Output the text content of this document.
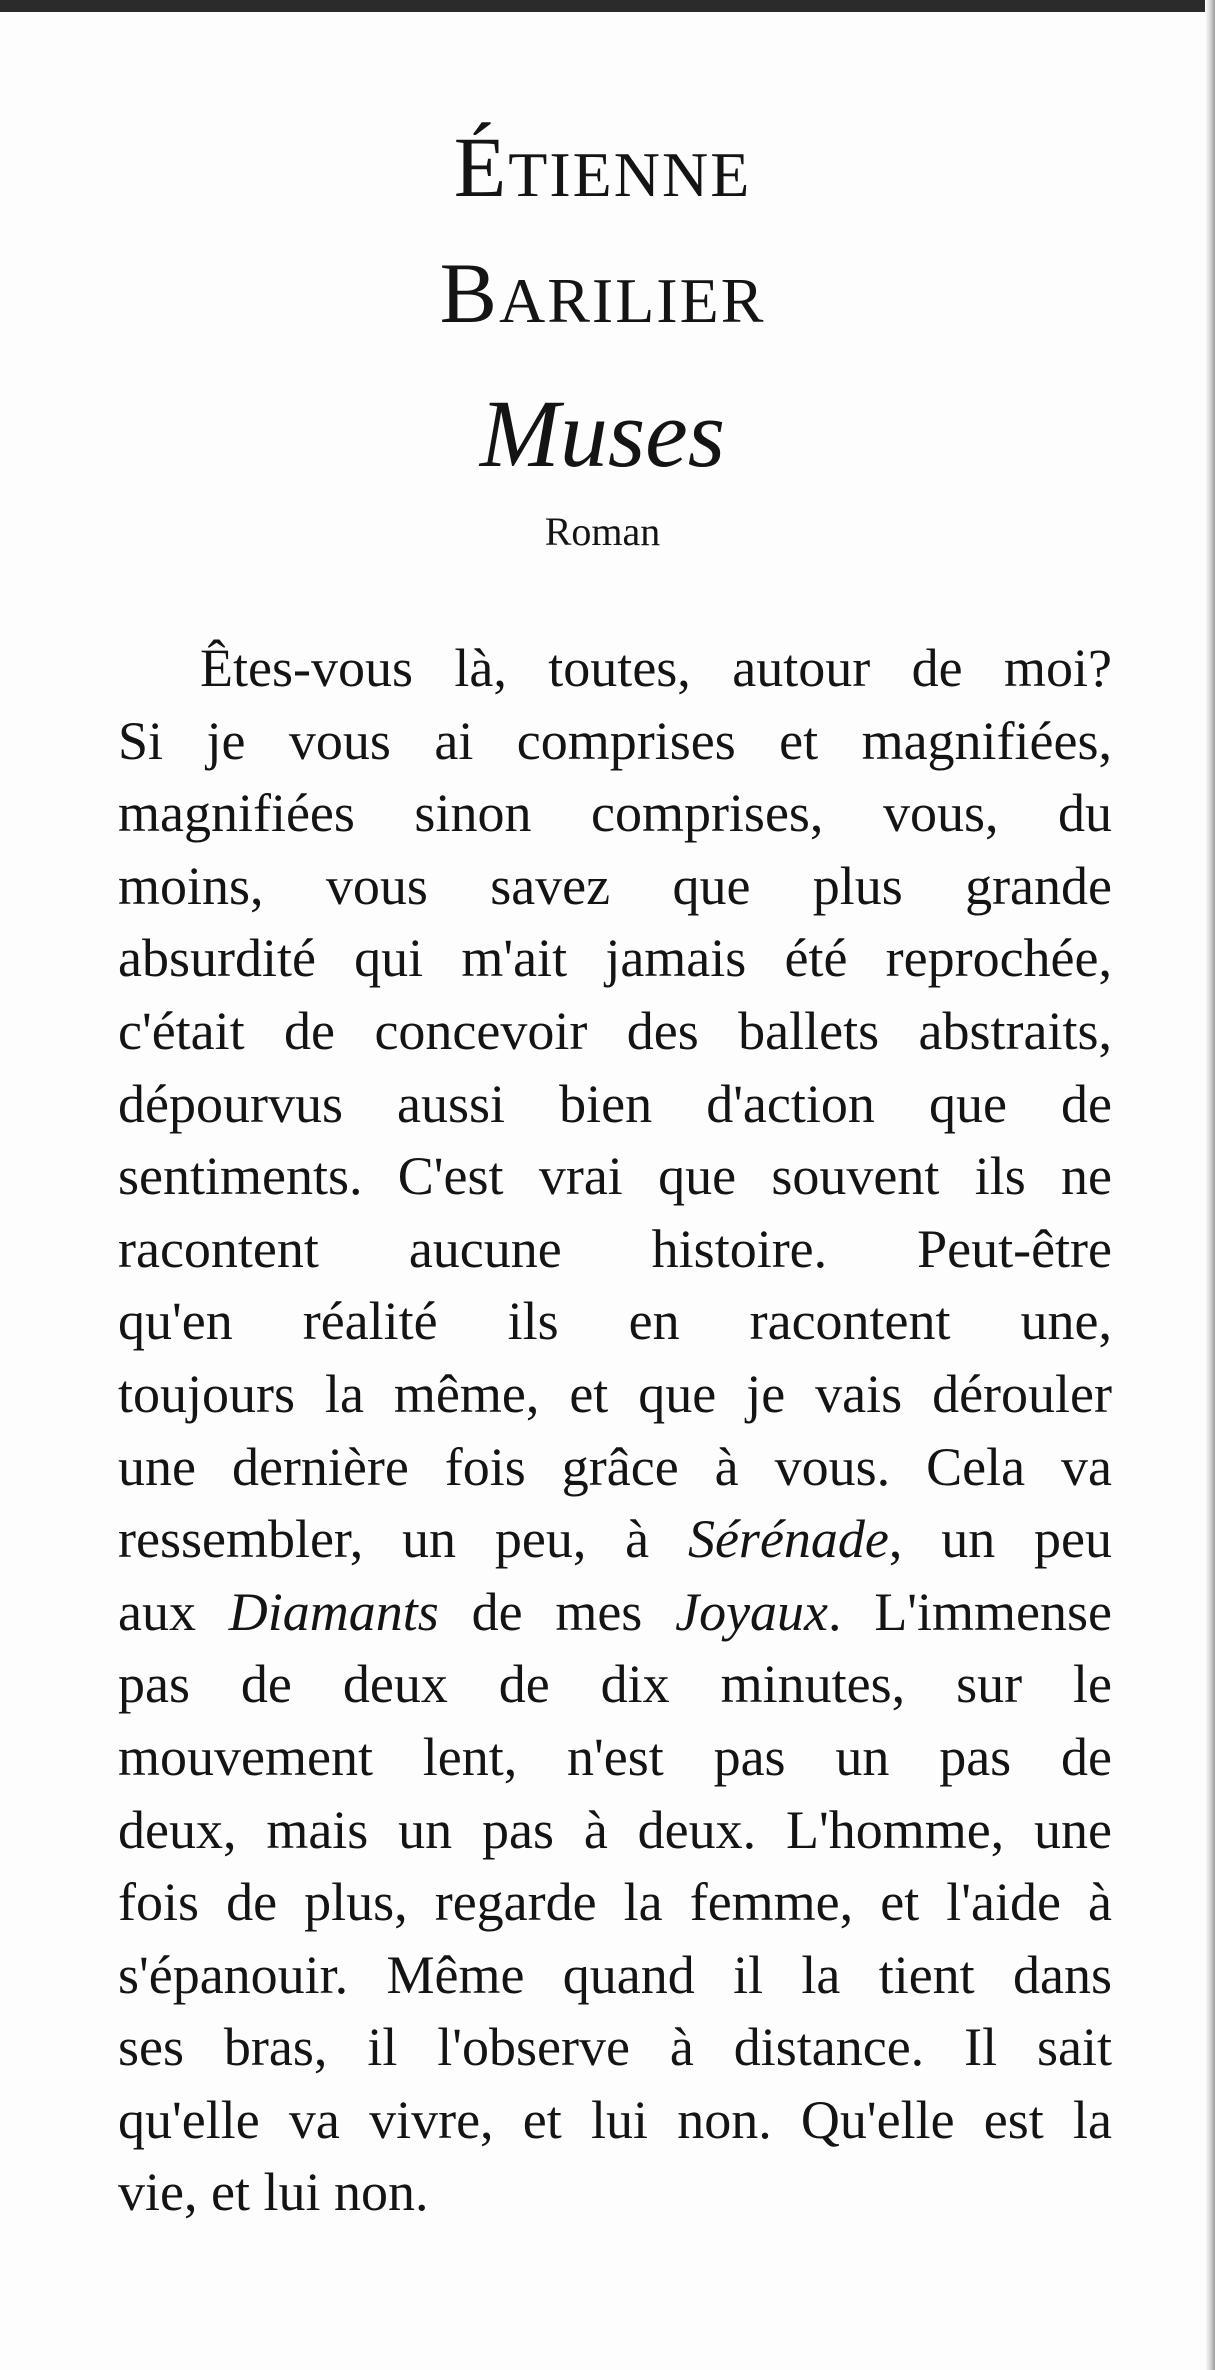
ÉTIENNE
BARILIER
Muses
Roman
Êtes-vous là, toutes, autour de moi?
Si je vous ai comprises et magnifiées,
magnifiées sinon comprises, vous, du
moins, vous savez que plus grande
absurdité qui m'ait jamais été reprochée,
c'était de concevoir des ballets abstraits,
dépourvus aussi bien d'action que de
sentiments. C'est vrai que souvent ils ne
racontent aucune histoire. Peut-être
qu'en réalité ils en racontent une,
toujours la même, et que je vais dérouler
une dernière fois grâce à vous. Cela va
ressembler, un peu, à Sérénade, un peu
aux Diamants de mes Joyaux. L'immense
pas de deux de dix minutes, sur le
mouvement lent, n'est pas un pas de
deux, mais un pas à deux. L'homme, une
fois de plus, regarde la femme, et l'aide à
s'épanouir. Même quand il la tient dans
ses bras, il l'observe à distance. Il sait
qu'elle va vivre, et lui non. Qu'elle est la
vie, et lui non.
